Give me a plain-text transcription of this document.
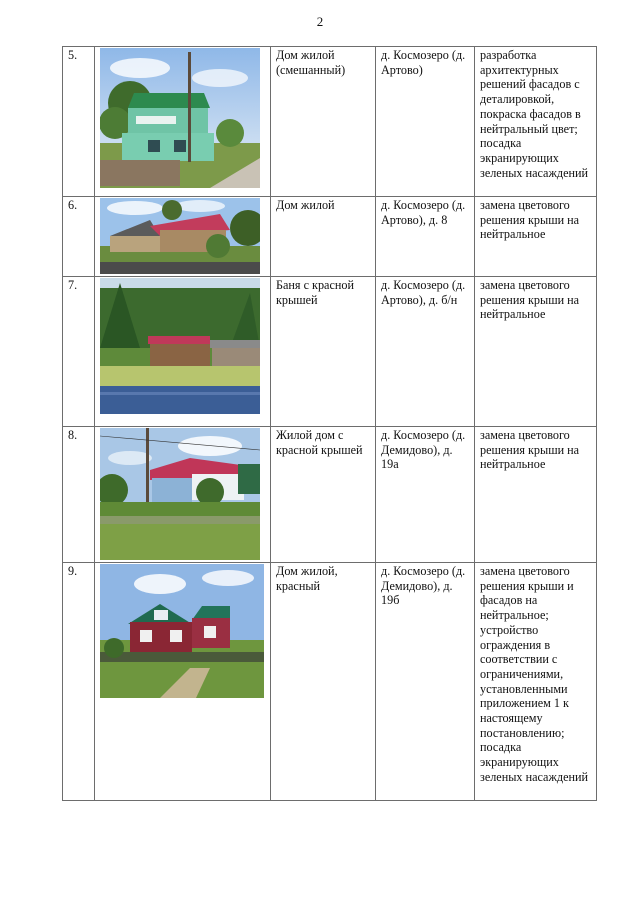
2
5.		Дом жилой (смешанный)	д. Космозеро (д. Артово)	разработка архитектурных решений фасадов с деталировкой, покраска фасадов в нейтральный цвет; посадка экранирующих зеленых насаждений
6.		Дом жилой	д. Космозеро (д. Артово), д. 8	замена цветового решения крыши на нейтральное
7.		Баня с красной крышей	д. Космозеро (д. Артово), д. б/н	замена цветового решения крыши на нейтральное
8.		Жилой дом с красной крышей	д. Космозеро (д. Демидово), д. 19а	замена цветового решения крыши на нейтральное
9.		Дом жилой, красный	д. Космозеро (д. Демидово), д. 19б	замена цветового решения крыши и фасадов на нейтральное; устройство ограждения в соответствии с ограничениями, установленными приложением 1 к настоящему постановлению; посадка экранирующих зеленых насаждений
